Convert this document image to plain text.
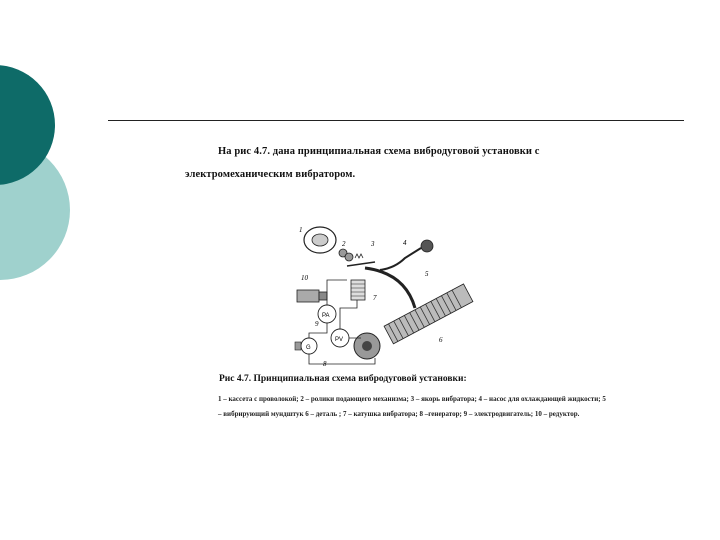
На рис 4.7. дана принципиальная схема вибродуговой установки с
электромеханическим вибратором.
1
2	3	4
5
6
7
8
9
10
PA
PV
G
Рис 4.7. Принципиальная схема вибродуговой установки:
1 – кассета с проволокой; 2 – ролики подающего механизма; 3 – якорь вибратора; 4 – насос для охлаждающей жидкости; 5 – вибрирующий мундштук 6 – деталь ; 7 – катушка вибратора; 8 –генератор; 9 – электродвигатель; 10 – редуктор.
